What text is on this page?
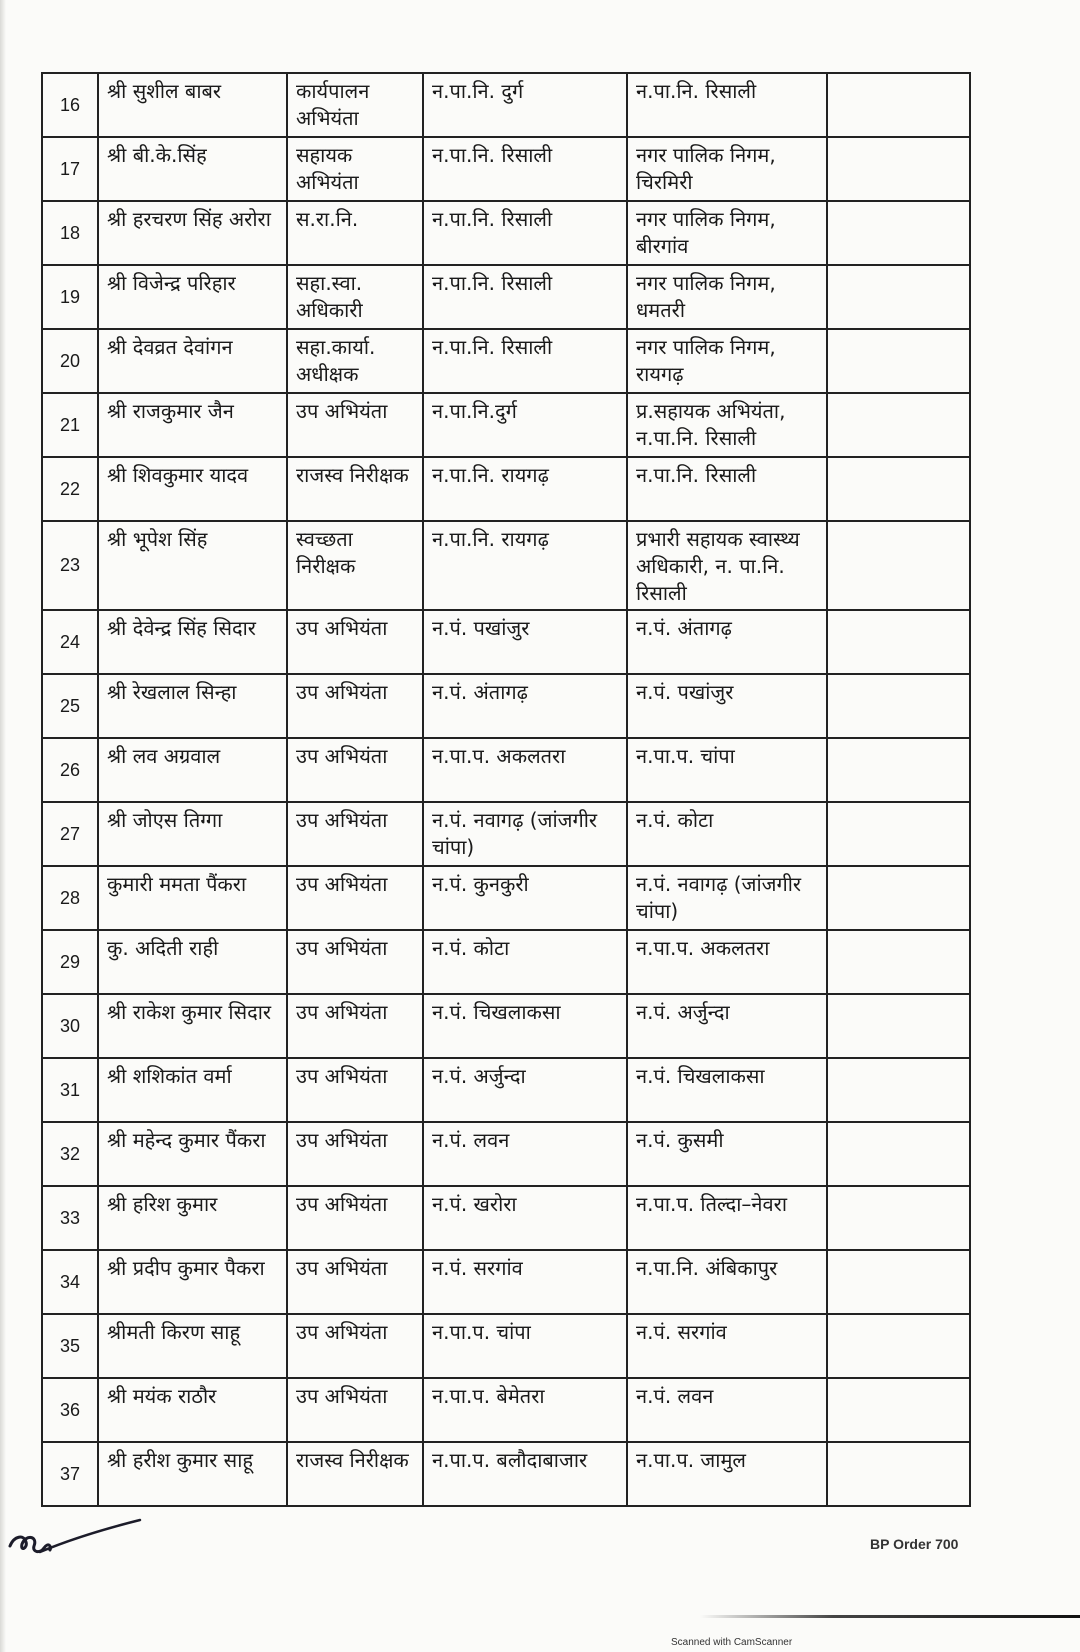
16	श्री सुशील बाबर	कार्यपालन अभियंता	न.पा.नि. दुर्ग	न.पा.नि. रिसाली	
17	श्री बी.के.सिंह	सहायक अभियंता	न.पा.नि. रिसाली	नगर पालिक निगम, चिरमिरी	
18	श्री हरचरण सिंह अरोरा	स.रा.नि.	न.पा.नि. रिसाली	नगर पालिक निगम, बीरगांव	
19	श्री विजेन्द्र परिहार	सहा.स्वा. अधिकारी	न.पा.नि. रिसाली	नगर पालिक निगम, धमतरी	
20	श्री देवव्रत देवांगन	सहा.कार्या. अधीक्षक	न.पा.नि. रिसाली	नगर पालिक निगम, रायगढ़	
21	श्री राजकुमार जैन	उप अभियंता	न.पा.नि.दुर्ग	प्र.सहायक अभियंता, न.पा.नि. रिसाली	
22	श्री शिवकुमार यादव	राजस्व निरीक्षक	न.पा.नि. रायगढ़	न.पा.नि. रिसाली	
23	श्री भूपेश सिंह	स्वच्छता निरीक्षक	न.पा.नि. रायगढ़	प्रभारी सहायक स्वास्थ्य अधिकारी, न. पा.नि. रिसाली	
24	श्री देवेन्द्र सिंह सिदार	उप अभियंता	न.पं. पखांजुर	न.पं. अंतागढ़	
25	श्री रेखलाल सिन्हा	उप अभियंता	न.पं. अंतागढ़	न.पं. पखांजुर	
26	श्री लव अग्रवाल	उप अभियंता	न.पा.प. अकलतरा	न.पा.प. चांपा	
27	श्री जोएस तिग्गा	उप अभियंता	न.पं. नवागढ़ (जांजगीर चांपा)	न.पं. कोटा	
28	कुमारी ममता पैंकरा	उप अभियंता	न.पं. कुनकुरी	न.पं. नवागढ़ (जांजगीर चांपा)	
29	कु. अदिती राही	उप अभियंता	न.पं. कोटा	न.पा.प. अकलतरा	
30	श्री राकेश कुमार सिदार	उप अभियंता	न.पं. चिखलाकसा	न.पं. अर्जुन्दा	
31	श्री शशिकांत वर्मा	उप अभियंता	न.पं. अर्जुन्दा	न.पं. चिखलाकसा	
32	श्री महेन्द कुमार पैंकरा	उप अभियंता	न.पं. लवन	न.पं. कुसमी	
33	श्री हरिश कुमार	उप अभियंता	न.पं. खरोरा	न.पा.प. तिल्दा–नेवरा	
34	श्री प्रदीप कुमार पैकरा	उप अभियंता	न.पं. सरगांव	न.पा.नि. अंबिकापुर	
35	श्रीमती किरण साहू	उप अभियंता	न.पा.प. चांपा	न.पं. सरगांव	
36	श्री मयंक राठौर	उप अभियंता	न.पा.प. बेमेतरा	न.पं. लवन	
37	श्री हरीश कुमार साहू	राजस्व निरीक्षक	न.पा.प. बलौदाबाजार	न.पा.प. जामुल	
BP Order 700
Scanned with CamScanner
